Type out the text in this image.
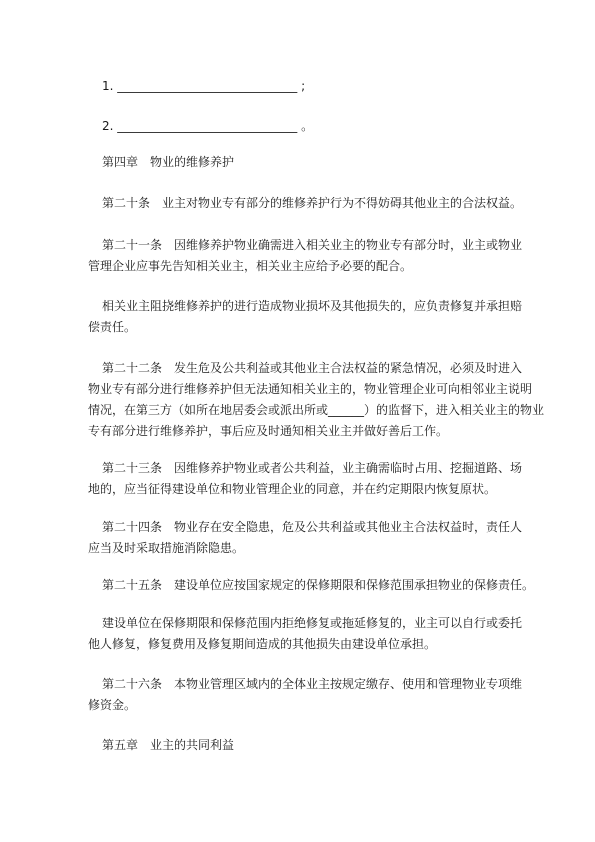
1. ______________________________ ;
2. ______________________________ 。
第四章　物业的维修养护
第二十条　业主对物业专有部分的维修养护行为不得妨碍其他业主的合法权益。
第二十一条　因维修养护物业确需进入相关业主的物业专有部分时，业主或物业
管理企业应事先告知相关业主，相关业主应给予必要的配合。
相关业主阻挠维修养护的进行造成物业损坏及其他损失的，应负责修复并承担赔
偿责任。
第二十二条　发生危及公共利益或其他业主合法权益的紧急情况，必须及时进入
物业专有部分进行维修养护但无法通知相关业主的，物业管理企业可向相邻业主说明
情况，在第三方（如所在地居委会或派出所或______）的监督下，进入相关业主的物业
专有部分进行维修养护，事后应及时通知相关业主并做好善后工作。
第二十三条　因维修养护物业或者公共利益，业主确需临时占用、挖掘道路、场
地的，应当征得建设单位和物业管理企业的同意，并在约定期限内恢复原状。
第二十四条　物业存在安全隐患，危及公共利益或其他业主合法权益时，责任人
应当及时采取措施消除隐患。
第二十五条　建设单位应按国家规定的保修期限和保修范围承担物业的保修责任。
建设单位在保修期限和保修范围内拒绝修复或拖延修复的，业主可以自行或委托
他人修复，修复费用及修复期间造成的其他损失由建设单位承担。
第二十六条　本物业管理区域内的全体业主按规定缴存、使用和管理物业专项维
修资金。
第五章　业主的共同利益
